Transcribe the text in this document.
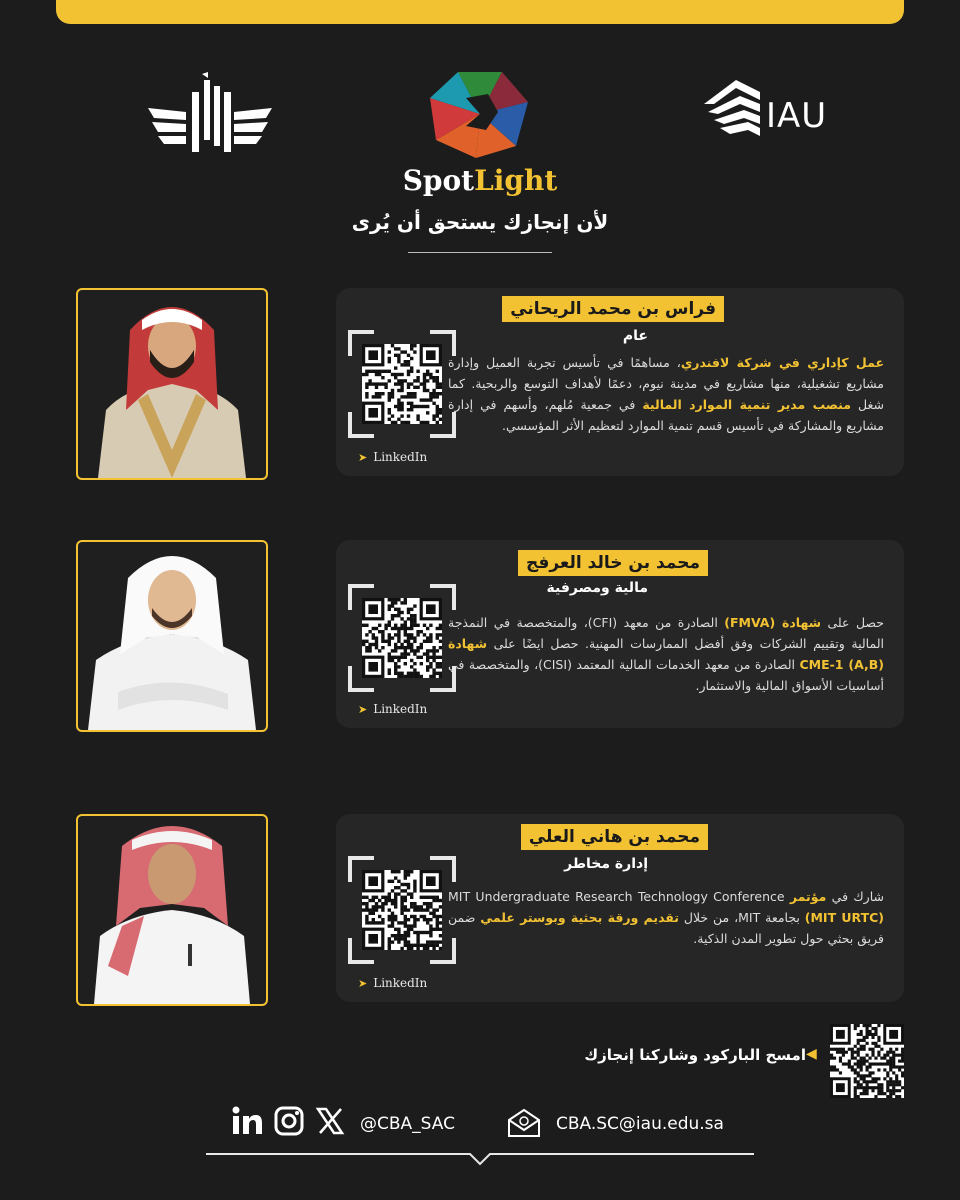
IAU
SpotLight
لأن إنجازك يستحق أن يُرى
فراس بن محمد الريحاني
عام
عمل كإداري في شركة لافندري، مساهمًا في تأسيس تجربة العميل وإدارة مشاريع تشغيلية، منها مشاريع في مدينة نيوم، دعمًا لأهداف التوسع والربحية. كما شغل منصب مدير تنمية الموارد المالية في جمعية مُلهم، وأسهم في إدارة مشاريع والمشاركة في تأسيس قسم تنمية الموارد لتعظيم الأثر المؤسسي.
➤ LinkedIn
محمد بن خالد العرفج
مالية ومصرفية
حصل على شهادة (FMVA) الصادرة من معهد (CFI)، والمتخصصة في النمذجة المالية وتقييم الشركات وفق أفضل الممارسات المهنية. حصل ايضًا على شهادة (A,B) CME-1 الصادرة من معهد الخدمات المالية المعتمد (CISI)، والمتخصصة في أساسيات الأسواق المالية والاستثمار.
➤ LinkedIn
محمد بن هاني العلي
إدارة مخاطر
شارك في مؤتمر MIT Undergraduate Research Technology Conference (MIT URTC) بجامعة MIT، من خلال تقديم ورقة بحثية وبوستر علمي ضمن فريق بحثي حول تطوير المدن الذكية.
➤ LinkedIn
امسح الباركود وشاركنا إنجازك ◀
@CBA_SAC	CBA.SC@iau.edu.sa
